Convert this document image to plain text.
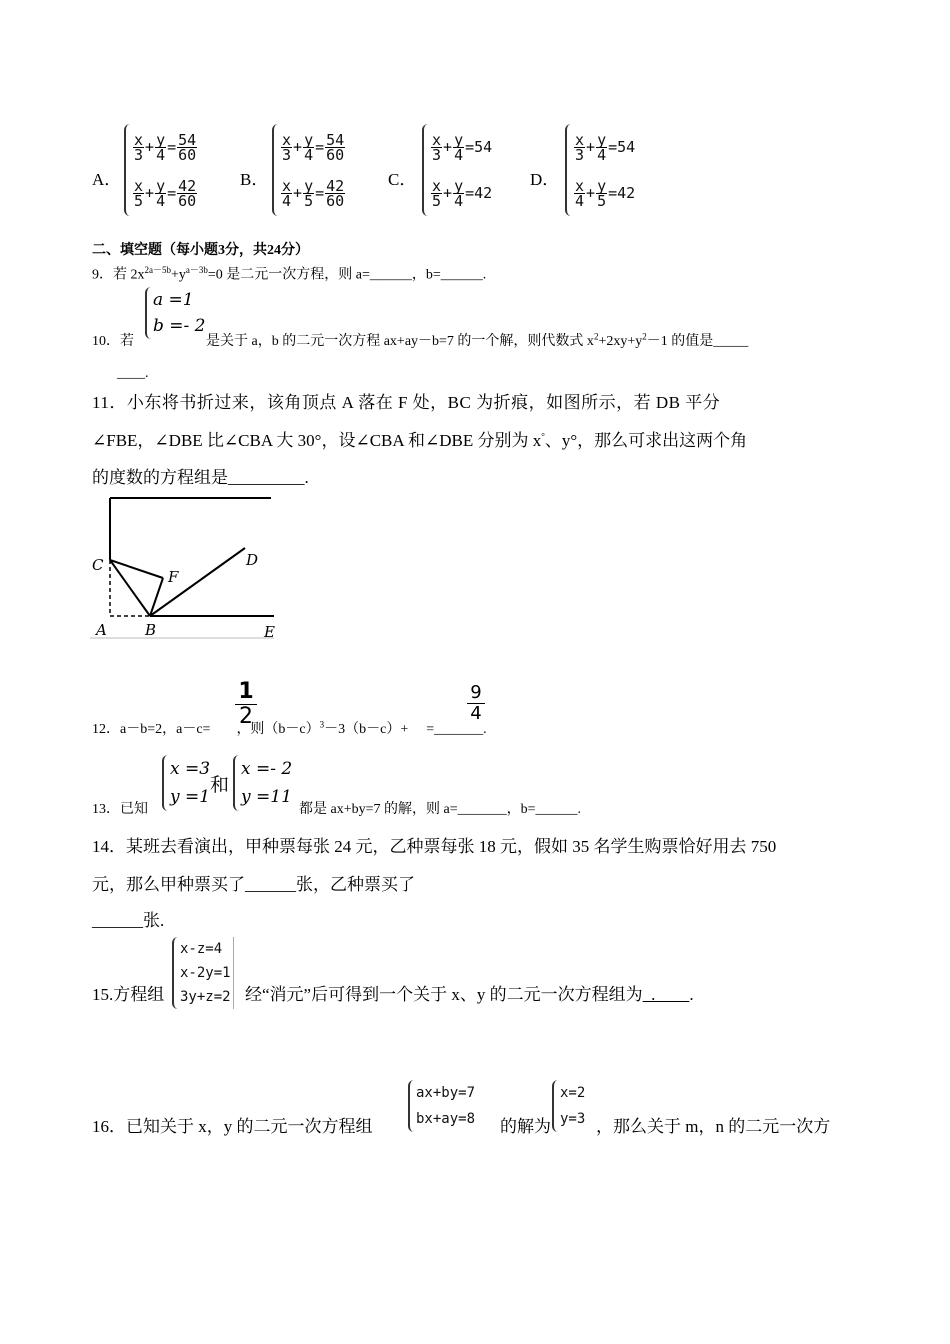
A．
x
3 + y
4 = 54
60
x
5 + y
4 = 42
60
B．
x
3 + y
4 = 54
60
x
4 + y
5 = 42
60
C．
x
$3 + \frac{y}{4} =54$
x
$5 + \frac{y}{4} =42$
D．
x
$3 + \frac{y}{4} =54$
x
$4 + \frac{y}{5} =42$
二、填空题（每小题3分，共24分）
9．若 $2x^{2a-5b}+y^{a-3b}=0$ 是二元一次方程，则 a=______，b=______.
a =1
b =- 2
10．若	是关于 a，b 的二元一次方程 ax+ay－b=7 的一个解，则代数式 $x^2+2xy+y^2-1$ 的值是_____
____.
11．小东将书折过来，该角顶点 A 落在 F 处，BC 为折痕，如图所示，若 DB 平分
∠FBE，∠DBE 比∠CBA 大 30°，设∠CBA 和∠DBE 分别为 x°、y°，那么可求出这两个角
的度数的方程组是_________.
C
F
D
A	B	E
1
2
9
4
12．a－b=2，a－c= ，则$(b-c)^3-3(b-c)+$ =_______.
x =3
y =1
和
x =- 2
y =11
13．已知	都是 ax+by=7 的解，则 a=_______，b=______.
14．某班去看演出，甲种票每张 24 元，乙种票每张 18 元，假如 35 名学生购票恰好用去 750
元，那么甲种票买了______张，乙种票买了
______张.
15.方程组
x-z=4
x-2y=1
3y+z=2 经“消元”后可得到一个关于 x、y 的二元一次方程组为  .        .
16．已知关于 x，y 的二元一次方程组
ax+by=7
bx+ay=8 的解为
x=2
y=3 ，那么关于 m，n 的二元一次方
